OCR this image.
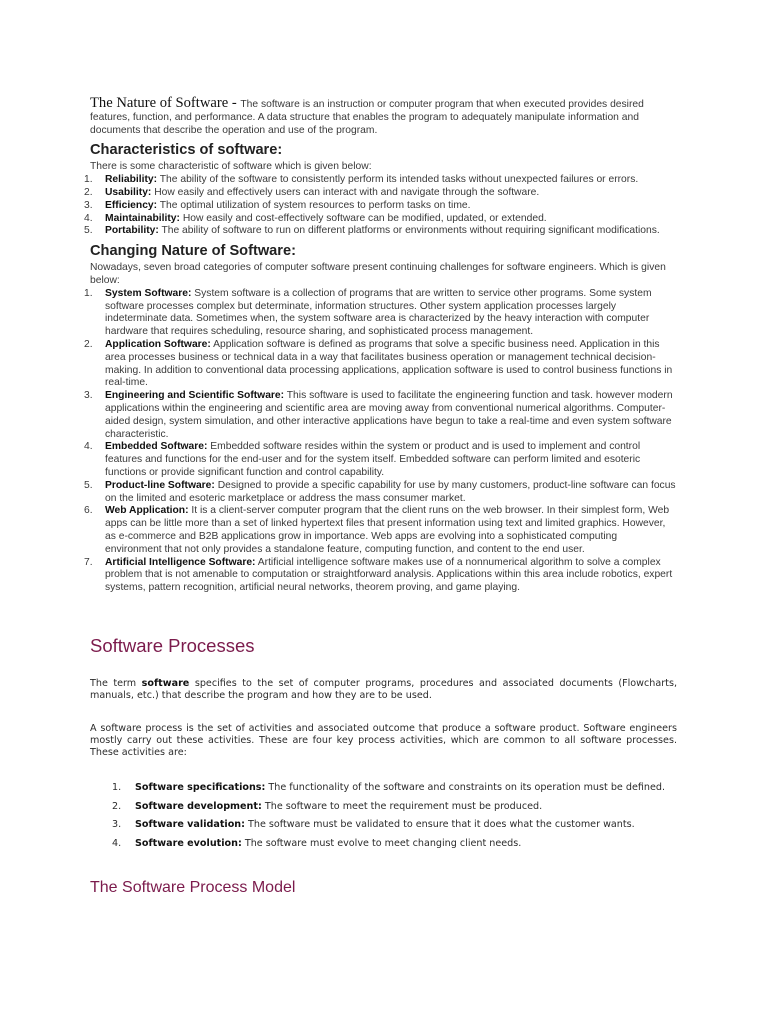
The Nature of Software - The software is an instruction or computer program that when executed provides desired features, function, and performance. A data structure that enables the program to adequately manipulate information and documents that describe the operation and use of the program.

Characteristics of software:

There is some characteristic of software which is given below:

1.	Reliability: The ability of the software to consistently perform its intended tasks without unexpected failures or errors.
2.	Usability: How easily and effectively users can interact with and navigate through the software.
3.	Efficiency: The optimal utilization of system resources to perform tasks on time.
4.	Maintainability: How easily and cost-effectively software can be modified, updated, or extended.
5.	Portability: The ability of software to run on different platforms or environments without requiring significant modifications.
Changing Nature of Software:

Nowadays, seven broad categories of computer software present continuing challenges for software engineers. Which is given below:

1.	System Software: System software is a collection of programs that are written to service other programs. Some system software processes complex but determinate, information structures. Other system application processes largely indeterminate data. Sometimes when, the system software area is characterized by the heavy interaction with computer hardware that requires scheduling, resource sharing, and sophisticated process management.
2.	Application Software: Application software is defined as programs that solve a specific business need. Application in this area processes business or technical data in a way that facilitates business operation or management technical decision-making. In addition to conventional data processing applications, application software is used to control business functions in real-time.
3.	Engineering and Scientific Software: This software is used to facilitate the engineering function and task. however modern applications within the engineering and scientific area are moving away from conventional numerical algorithms. Computer-aided design, system simulation, and other interactive applications have begun to take a real-time and even system software characteristic.
4.	Embedded Software: Embedded software resides within the system or product and is used to implement and control features and functions for the end-user and for the system itself. Embedded software can perform limited and esoteric functions or provide significant function and control capability.
5.	Product-line Software: Designed to provide a specific capability for use by many customers, product-line software can focus on the limited and esoteric marketplace or address the mass consumer market.
6.	Web Application: It is a client-server computer program that the client runs on the web browser. In their simplest form, Web apps can be little more than a set of linked hypertext files that present information using text and limited graphics. However, as e-commerce and B2B applications grow in importance. Web apps are evolving into a sophisticated computing environment that not only provides a standalone feature, computing function, and content to the end user.
7.	Artificial Intelligence Software: Artificial intelligence software makes use of a nonnumerical algorithm to solve a complex problem that is not amenable to computation or straightforward analysis. Applications within this area include robotics, expert systems, pattern recognition, artificial neural networks, theorem proving, and game playing.
Software Processes

The term software specifies to the set of computer programs, procedures and associated documents (Flowcharts, manuals, etc.) that describe the program and how they are to be used.

A software process is the set of activities and associated outcome that produce a software product. Software engineers mostly carry out these activities. These are four key process activities, which are common to all software processes. These activities are:

1. Software specifications: The functionality of the software and constraints on its operation must be defined.
2. Software development: The software to meet the requirement must be produced.
3. Software validation: The software must be validated to ensure that it does what the customer wants.
4. Software evolution: The software must evolve to meet changing client needs.
The Software Process Model
